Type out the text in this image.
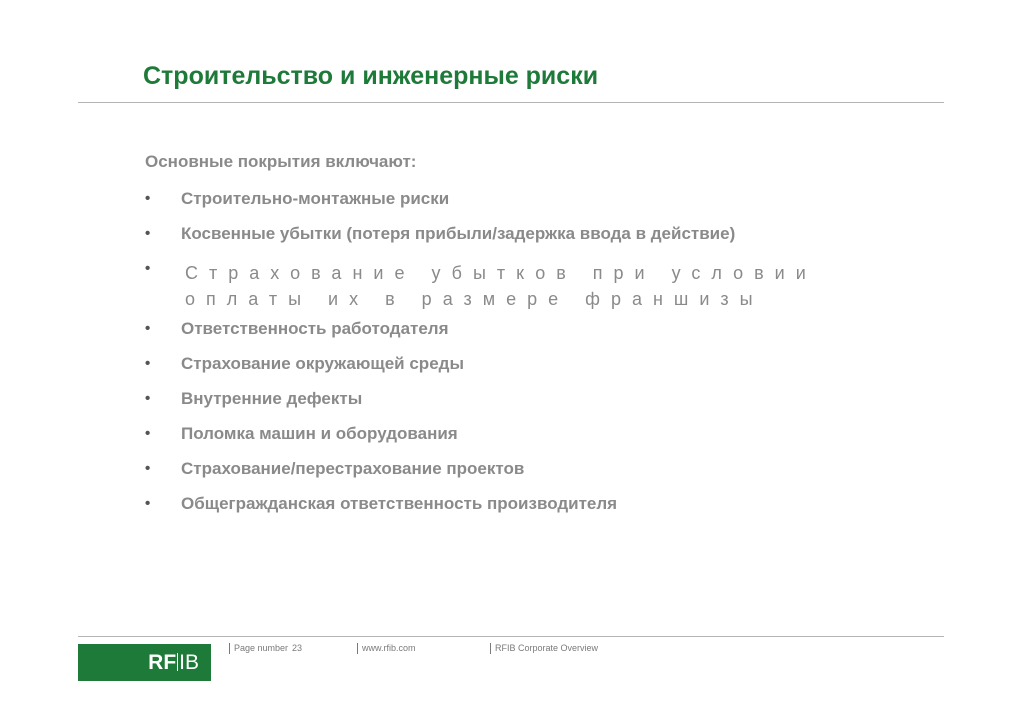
Строительство и инженерные риски
Основные покрытия включают:
• Строительно-монтажные риски
• Косвенные убытки (потеря прибыли/задержка ввода в действие)
• Страхование убытков при условии оплаты их в размере франшизы
• Ответственность работодателя
• Страхование окружающей среды
• Внутренние дефекты
• Поломка машин и оборудования
• Страхование/перестрахование проектов
• Общегражданская ответственность производителя
RF IB
Page number 23	www.rfib.com	RFIB Corporate Overview
